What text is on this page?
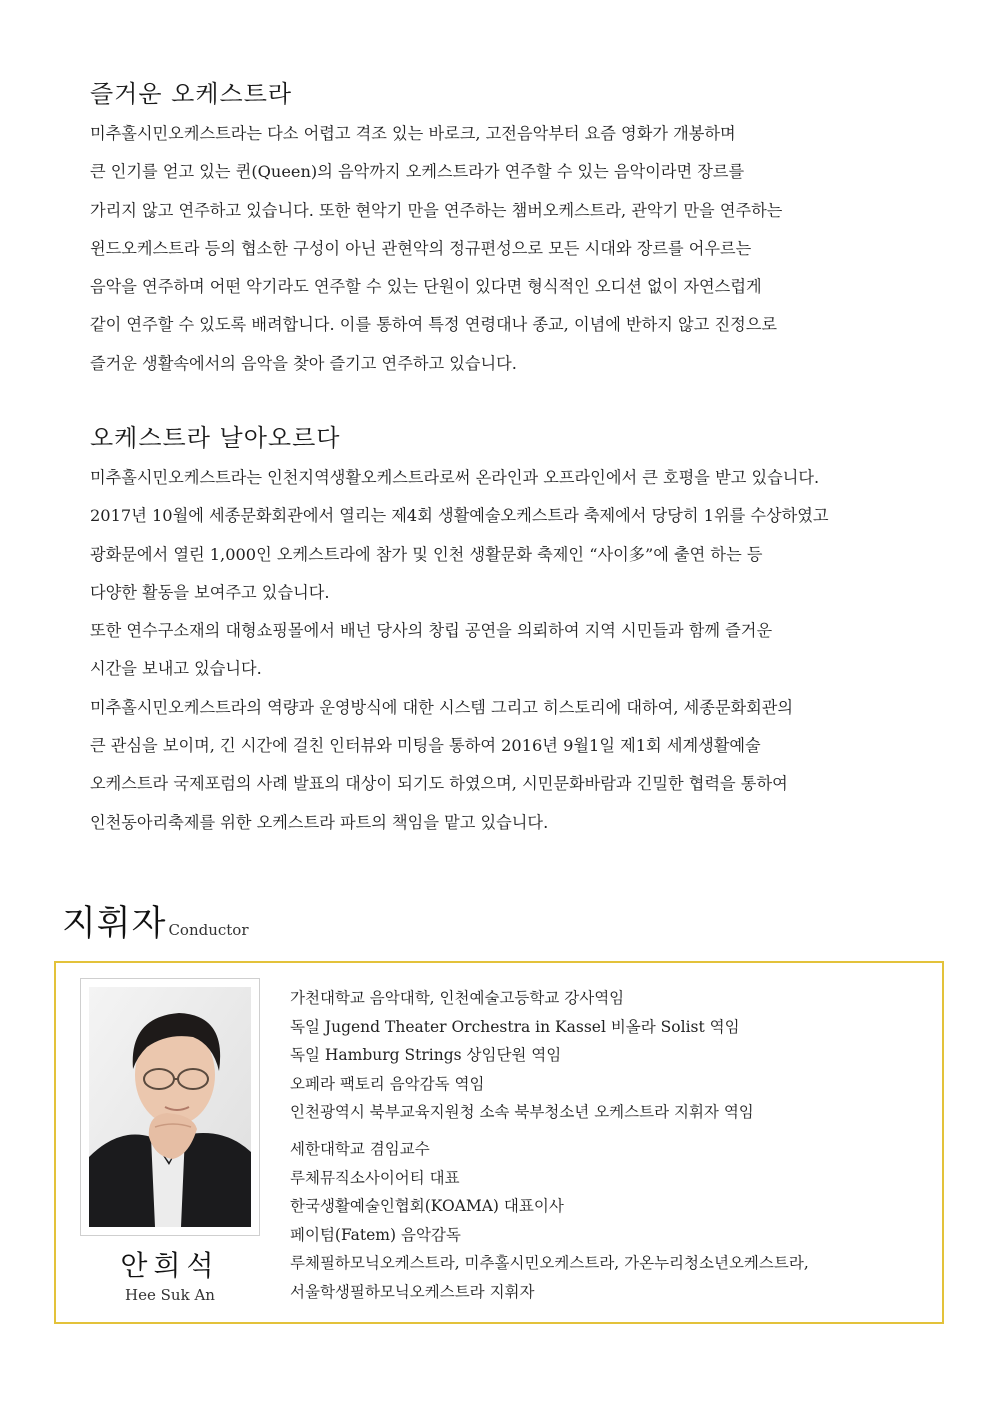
즐거운 오케스트라
미추홀시민오케스트라는 다소 어렵고 격조 있는 바로크, 고전음악부터 요즘 영화가 개봉하며
큰 인기를 얻고 있는 퀸(Queen)의 음악까지 오케스트라가 연주할 수 있는 음악이라면 장르를
가리지 않고 연주하고 있습니다. 또한 현악기 만을 연주하는 챔버오케스트라, 관악기 만을 연주하는
윈드오케스트라 등의 협소한 구성이 아닌 관현악의 정규편성으로 모든 시대와 장르를 어우르는
음악을 연주하며 어떤 악기라도 연주할 수 있는 단원이 있다면 형식적인 오디션 없이 자연스럽게
같이 연주할 수 있도록 배려합니다. 이를 통하여 특정 연령대나 종교, 이념에 반하지 않고 진정으로
즐거운 생활속에서의 음악을 찾아 즐기고 연주하고 있습니다.
오케스트라 날아오르다
미추홀시민오케스트라는 인천지역생활오케스트라로써 온라인과 오프라인에서 큰 호평을 받고 있습니다.
2017년 10월에 세종문화회관에서 열리는 제4회 생활예술오케스트라 축제에서 당당히 1위를 수상하였고
광화문에서 열린 1,000인 오케스트라에 참가 및 인천 생활문화 축제인 “사이多”에 출연 하는 등
다양한 활동을 보여주고 있습니다.
또한 연수구소재의 대형쇼핑몰에서 배넌 당사의 창립 공연을 의뢰하여 지역 시민들과 함께 즐거운
시간을 보내고 있습니다.
미추홀시민오케스트라의 역량과 운영방식에 대한 시스템 그리고 히스토리에 대하여, 세종문화회관의
큰 관심을 보이며, 긴 시간에 걸친 인터뷰와 미팅을 통하여 2016년 9월1일 제1회 세계생활예술
오케스트라 국제포럼의 사례 발표의 대상이 되기도 하였으며, 시민문화바람과 긴밀한 협력을 통하여
인천동아리축제를 위한 오케스트라 파트의 책임을 맡고 있습니다.
지휘자 Conductor
안희석
Hee Suk An
가천대학교 음악대학, 인천예술고등학교 강사역임
독일 Jugend Theater Orchestra in Kassel 비올라 Solist 역임
독일 Hamburg Strings 상임단원 역임
오페라 팩토리 음악감독 역임
인천광역시 북부교육지원청 소속 북부청소년 오케스트라 지휘자 역임
세한대학교 겸임교수
루체뮤직소사이어티 대표
한국생활예술인협회(KOAMA) 대표이사
페이텀(Fatem) 음악감독
루체필하모닉오케스트라, 미추홀시민오케스트라, 가온누리청소년오케스트라,
서울학생필하모닉오케스트라 지휘자
